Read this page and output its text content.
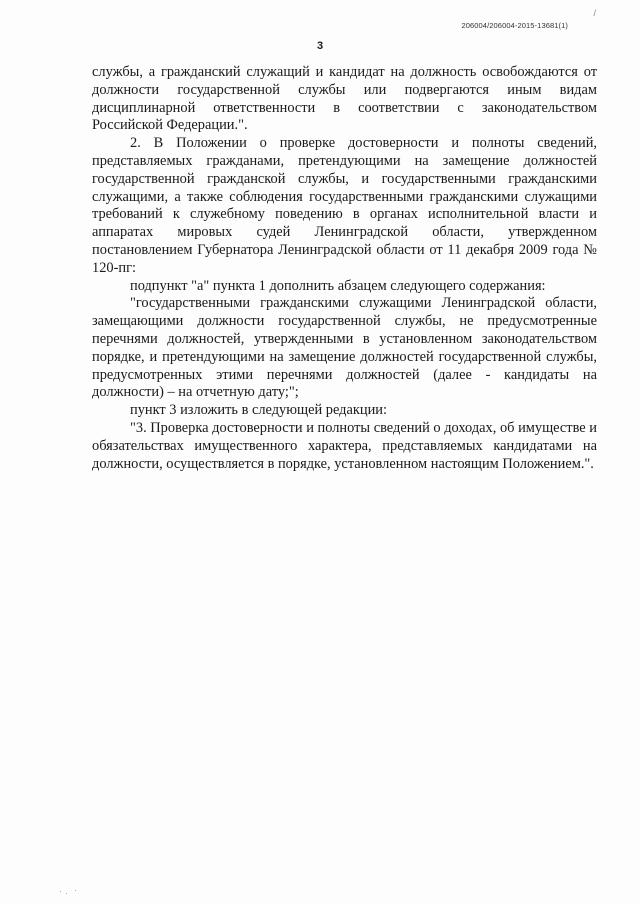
/
206004/206004-2015-13681(1)
3

службы, а гражданский служащий и кандидат на должность освобождаются от должности государственной службы или подвергаются иным видам дисциплинарной ответственности в соответствии с законодательством Российской Федерации.".

2. В Положении о проверке достоверности и полноты сведений, представляемых гражданами, претендующими на замещение должностей государственной гражданской службы, и государственными гражданскими служащими, а также соблюдения государственными гражданскими служащими требований к служебному поведению в органах исполнительной власти и аппаратах мировых судей Ленинградской области, утвержденном постановлением Губернатора Ленинградской области от 11 декабря 2009 года № 120-пг:

подпункт "а" пункта 1 дополнить абзацем следующего содержания:

"государственными гражданскими служащими Ленинградской области, замещающими должности государственной службы, не предусмотренные перечнями должностей, утвержденными в установленном законодательством порядке, и претендующими на замещение должностей государственной службы, предусмотренных этими перечнями должностей (далее - кандидаты на должности) – на отчетную дату;";

пункт 3 изложить в следующей редакции:

"3. Проверка достоверности и полноты сведений о доходах, об имуществе и обязательствах имущественного характера, представляемых кандидатами на должности, осуществляется в порядке, установленном настоящим Положением.".
